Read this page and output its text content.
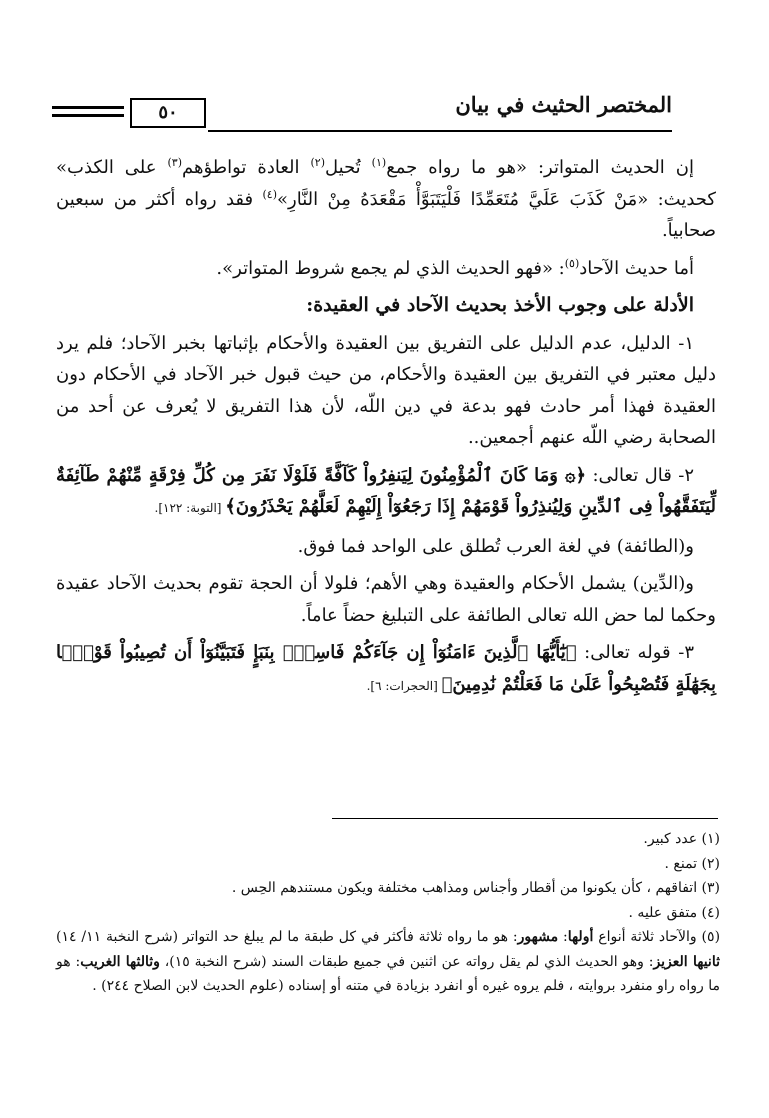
المختصر الحثيث في بيان
٥٠

إن الحديث المتواتر: «هو ما رواه جمع$^{(١)}$ تُحيل$^{(٢)}$ العادة تواطؤهم$^{(٣)}$ على الكذب» كحديث: «مَنْ كَذَبَ عَلَيَّ مُتَعَمِّدًا فَلْيَتَبَوَّأْ مَقْعَدَهُ مِنْ النَّارِ»$^{(٤)}$ فقد رواه أكثر من سبعين صحابياً.

أما حديث الآحاد$^{(٥)}$: «فهو الحديث الذي لم يجمع شروط المتواتر».

الأدلة على وجوب الأخذ بحديث الآحاد في العقيدة:

١- الدليل، عدم الدليل على التفريق بين العقيدة والأحكام بإثباتها بخبر الآحاد؛ فلم يرد دليل معتبر في التفريق بين العقيدة والأحكام، من حيث قبول خبر الآحاد في الأحكام دون العقيدة فهذا أمر حادث فهو بدعة في دين اللّه، لأن هذا التفريق لا يُعرف عن أحد من الصحابة رضي اللّه عنهم أجمعين..

٢- قال تعالى: ﴿۞ وَمَا كَانَ ٱلْمُؤْمِنُونَ لِيَنفِرُواْ كَآفَّةً فَلَوْلَا نَفَرَ مِن كُلِّ فِرْقَةٍ مِّنْهُمْ طَآئِفَةٌ لِّيَتَفَقَّهُواْ فِى ٱلدِّينِ وَلِيُنذِرُواْ قَوْمَهُمْ إِذَا رَجَعُوٓاْ إِلَيْهِمْ لَعَلَّهُمْ يَحْذَرُونَ﴾ [التوبة: ١٢٢].

و(الطائفة) في لغة العرب تُطلق على الواحد فما فوق.

و(الدِّين) يشمل الأحكام والعقيدة وهي الأهم؛ فلولا أن الحجة تقوم بحديث الآحاد عقيدة وحكما لما حض الله تعالى الطائفة على التبليغ حضاً عاماً.

٣- قوله تعالى: ﴿يَٰٓأَيُّهَا ٱلَّذِينَ ءَامَنُوٓاْ إِن جَآءَكُمْ فَاسِقٌۢ بِنَبَإٍ فَتَبَيَّنُوٓاْ أَن تُصِيبُواْ قَوْمًۢا بِجَهَٰلَةٍ فَتُصْبِحُواْ عَلَىٰ مَا فَعَلْتُمْ نَٰدِمِينَ﴾ [الحجرات: ٦].

(١) عدد كبير.

(٢) تمنع .

(٣) اتفاقهم ، كأن يكونوا من أقطار وأجناس ومذاهب مختلفة ويكون مستندهم الحِس .

(٤) متفق عليه .

(٥) والآحاد ثلاثة أنواع أولها: مشهور: هو ما رواه ثلاثة فأكثر في كل طبقة ما لم يبلغ حد التواتر (شرح النخبة ١١/ ١٤) ثانيها العزيز: وهو الحديث الذي لم يقل رواته عن اثنين في جميع طبقات السند (شرح النخبة ١٥)، وثالثها الغريب: هو ما رواه راو منفرد بروايته ، فلم يروه غيره أو انفرد بزيادة في متنه أو إسناده (علوم الحديث لابن الصلاح ٢٤٤) .
